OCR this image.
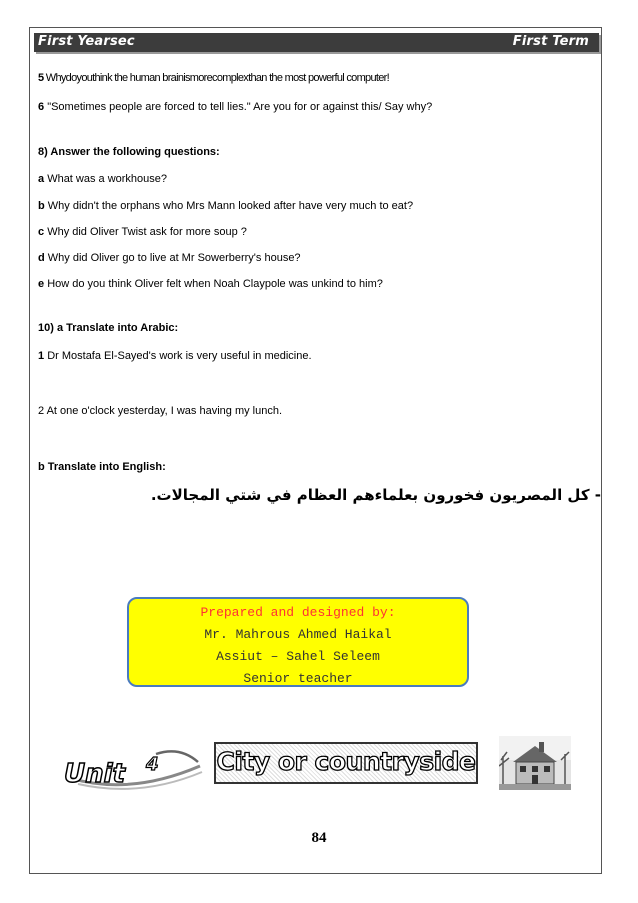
First Yearsec	First Term
5 Whydoyouthink the human brainismorecomplexthan the most powerful computer!
6 "Sometimes people are forced to tell lies." Are you for or against this/ Say why?
8) Answer the following questions:
a What was a workhouse?
b Why didn't the orphans who Mrs Mann looked after have very much to eat?
c Why did Oliver Twist ask for more soup ?
d Why did Oliver go to live at Mr Sowerberry's house?
e How do you think Oliver felt when Noah Claypole was unkind to him?
10) a Translate into Arabic:
1 Dr Mostafa El-Sayed's work is very useful in medicine.
2 At one o'clock yesterday, I was having my lunch.
b Translate into English:
- كل المصريون فخورون بعلماءهم العظام في شتي المجالات.
Prepared and designed by:
Mr. Mahrous Ahmed Haikal
Assiut – Sahel Seleem
Senior teacher
Unit 4 City or countryside
84
